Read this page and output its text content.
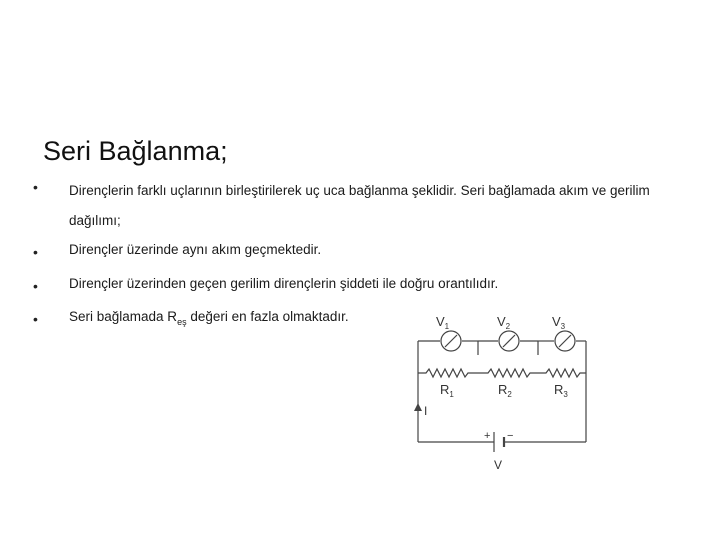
Seri Bağlanma;
• Dirençlerin farklı uçlarının birleştirilerek uç uca bağlanma şeklidir. Seri bağlamada akım ve gerilim dağılımı;
• Dirençler üzerinde aynı akım geçmektedir.
• Dirençler üzerinden geçen gerilim dirençlerin şiddeti ile doğru orantılıdır.
• Seri bağlamada $R_{eş}$ değeri en fazla olmaktadır.	$V_1$	$V_2$	$V_3$
$R_1$	$R_2$	$R_3$
I
+ −
V
